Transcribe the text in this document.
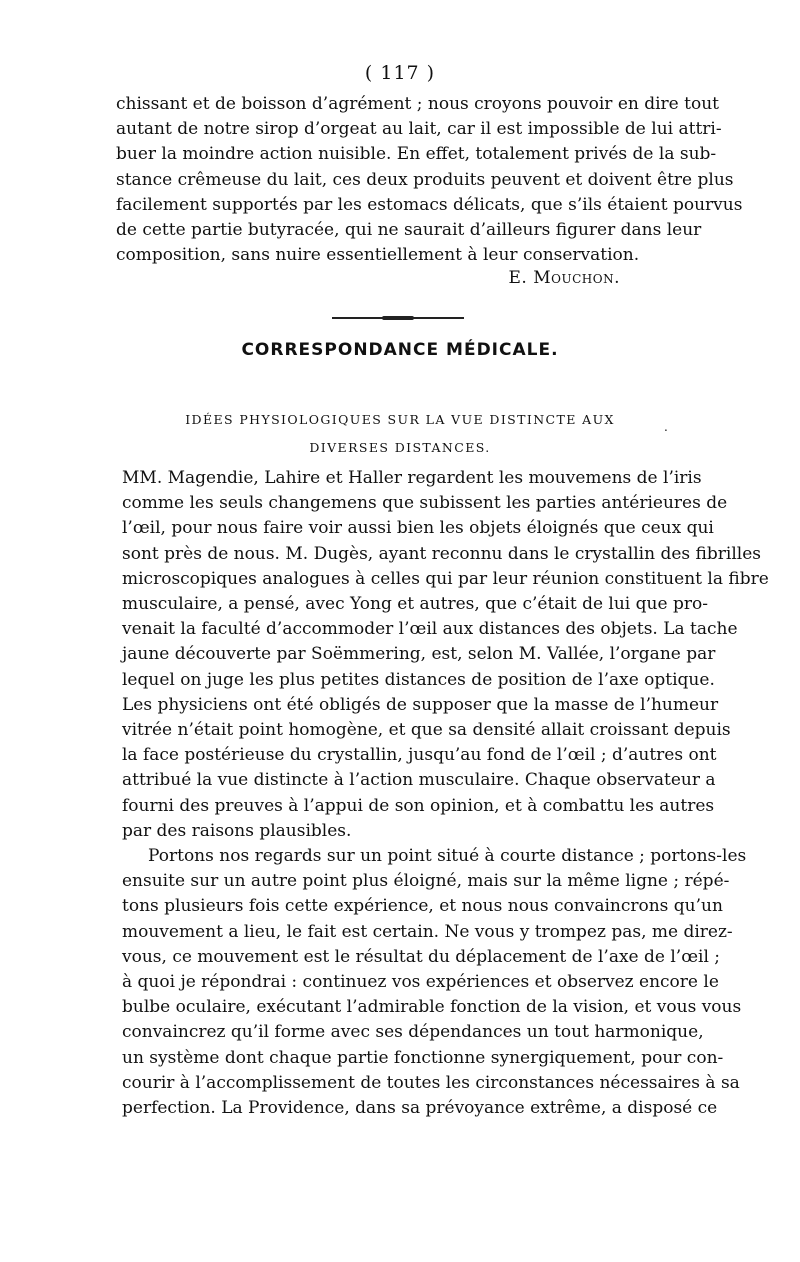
( 117 )
chissant et de boisson d’agrément ; nous croyons pouvoir en dire tout
autant de notre sirop d’orgeat au lait, car il est impossible de lui attri-
buer la moindre action nuisible. En effet, totalement privés de la sub-
stance crêmeuse du lait, ces deux produits peuvent et doivent être plus
facilement supportés par les estomacs délicats, que s’ils étaient pourvus
de cette partie butyracée, qui ne saurait d’ailleurs figurer dans leur
composition, sans nuire essentiellement à leur conservation.
E. Mouchon.
CORRESPONDANCE MÉDICALE.
IDÉES PHYSIOLOGIQUES SUR LA VUE DISTINCTE AUX
DIVERSES DISTANCES.
.
MM. Magendie, Lahire et Haller regardent les mouvemens de l’iris
comme les seuls changemens que subissent les parties antérieures de
l’œil, pour nous faire voir aussi bien les objets éloignés que ceux qui
sont près de nous. M. Dugès, ayant reconnu dans le crystallin des fibrilles
microscopiques analogues à celles qui par leur réunion constituent la fibre
musculaire, a pensé, avec Yong et autres, que c’était de lui que pro-
venait la faculté d’accommoder l’œil aux distances des objets. La tache
jaune découverte par Soëmmering, est, selon M. Vallée, l’organe par
lequel on juge les plus petites distances de position de l’axe optique.
Les physiciens ont été obligés de supposer que la masse de l’humeur
vitrée n’était point homogène, et que sa densité allait croissant depuis
la face postérieuse du crystallin, jusqu’au fond de l’œil ; d’autres ont
attribué la vue distincte à l’action musculaire. Chaque observateur a
fourni des preuves à l’appui de son opinion, et à combattu les autres
par des raisons plausibles.
Portons nos regards sur un point situé à courte distance ; portons-les
ensuite sur un autre point plus éloigné, mais sur la même ligne ; répé-
tons plusieurs fois cette expérience, et nous nous convaincrons qu’un
mouvement a lieu, le fait est certain. Ne vous y trompez pas, me direz-
vous, ce mouvement est le résultat du déplacement de l’axe de l’œil ;
à quoi je répondrai : continuez vos expériences et observez encore le
bulbe oculaire, exécutant l’admirable fonction de la vision, et vous vous
convaincrez qu’il forme avec ses dépendances un tout harmonique,
un système dont chaque partie fonctionne synergiquement, pour con-
courir à l’accomplissement de toutes les circonstances nécessaires à sa
perfection. La Providence, dans sa prévoyance extrême, a disposé ce
